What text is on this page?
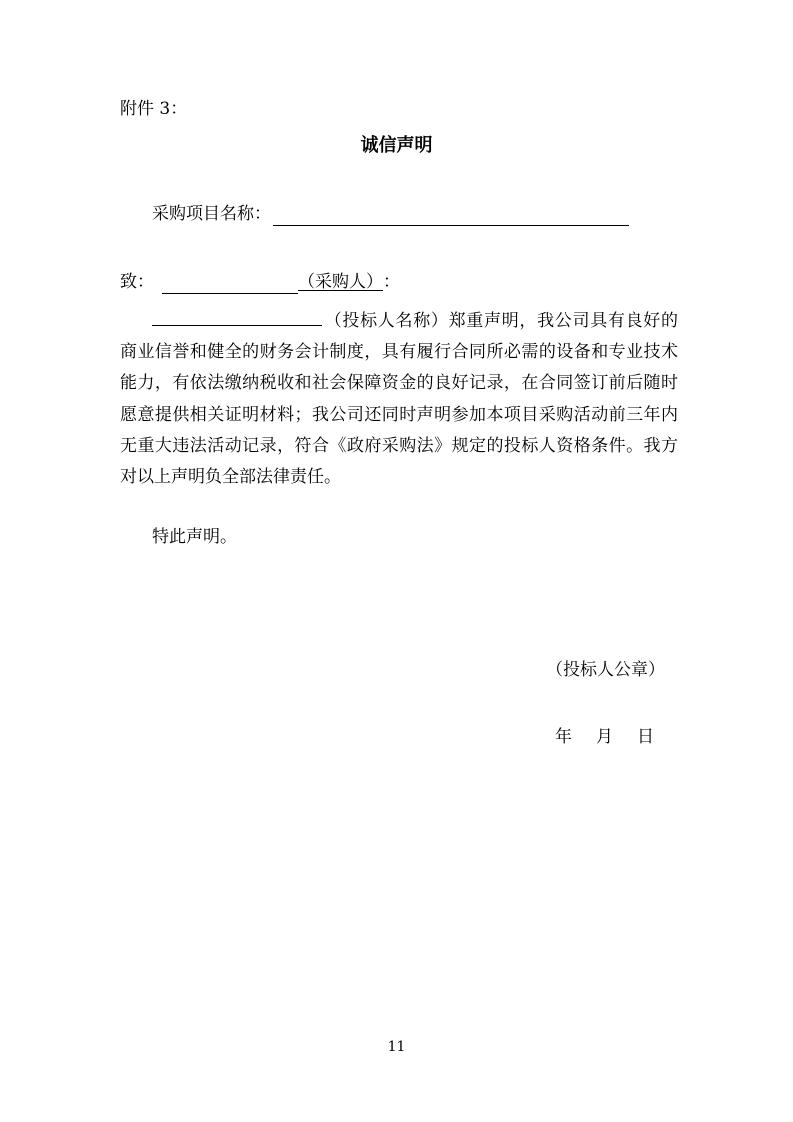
附件 3：
诚信声明
采购项目名称：
致：	（采购人） ：

（投标人名称）郑重声明，我公司具有良好的商业信誉和健全的财务会计制度，具有履行合同所必需的设备和专业技术能力，有依法缴纳税收和社会保障资金的良好记录，在合同签订前后随时愿意提供相关证明材料；我公司还同时声明参加本项目采购活动前三年内无重大违法活动记录，符合《政府采购法》规定的投标人资格条件。我方对以上声明负全部法律责任。

特此声明。
（投标人公章）
年 月 日
11
